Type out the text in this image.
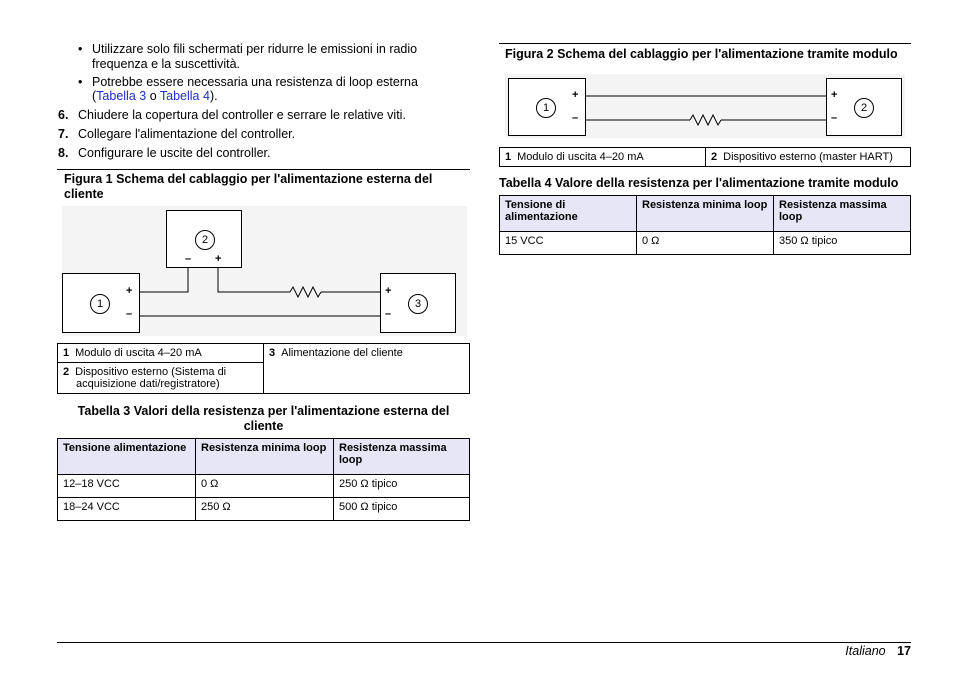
• Utilizzare solo fili schermati per ridurre le emissioni in radio
frequenza e la suscettività.
• Potrebbe essere necessaria una resistenza di loop esterna
(Tabella 3 o Tabella 4).
6. Chiudere la copertura del controller e serrare le relative viti.
7. Collegare l'alimentazione del controller.
8. Configurare le uscite del controller.
Figura 1 Schema del cablaggio per l'alimentazione esterna del
cliente
2
1	3
– +
+
–
+
–
1 Modulo di uscita 4–20 mA	3 Alimentazione del cliente
2 Dispositivo esterno (Sistema di
acquisizione dati/registratore)
Tabella 3 Valori della resistenza per l'alimentazione esterna del
cliente
Tensione alimentazione	Resistenza minima loop	Resistenza massima loop
12–18 VCC	0 Ω	250 Ω tipico
18–24 VCC	250 Ω	500 Ω tipico
Figura 2 Schema del cablaggio per l'alimentazione tramite modulo
1	2
+
–
+
–
1 Modulo di uscita 4–20 mA	2 Dispositivo esterno (master HART)
Tabella 4 Valore della resistenza per l'alimentazione tramite modulo
Tensione di alimentazione	Resistenza minima loop	Resistenza massima loop
15 VCC	0 Ω	350 Ω tipico
Italiano 17
